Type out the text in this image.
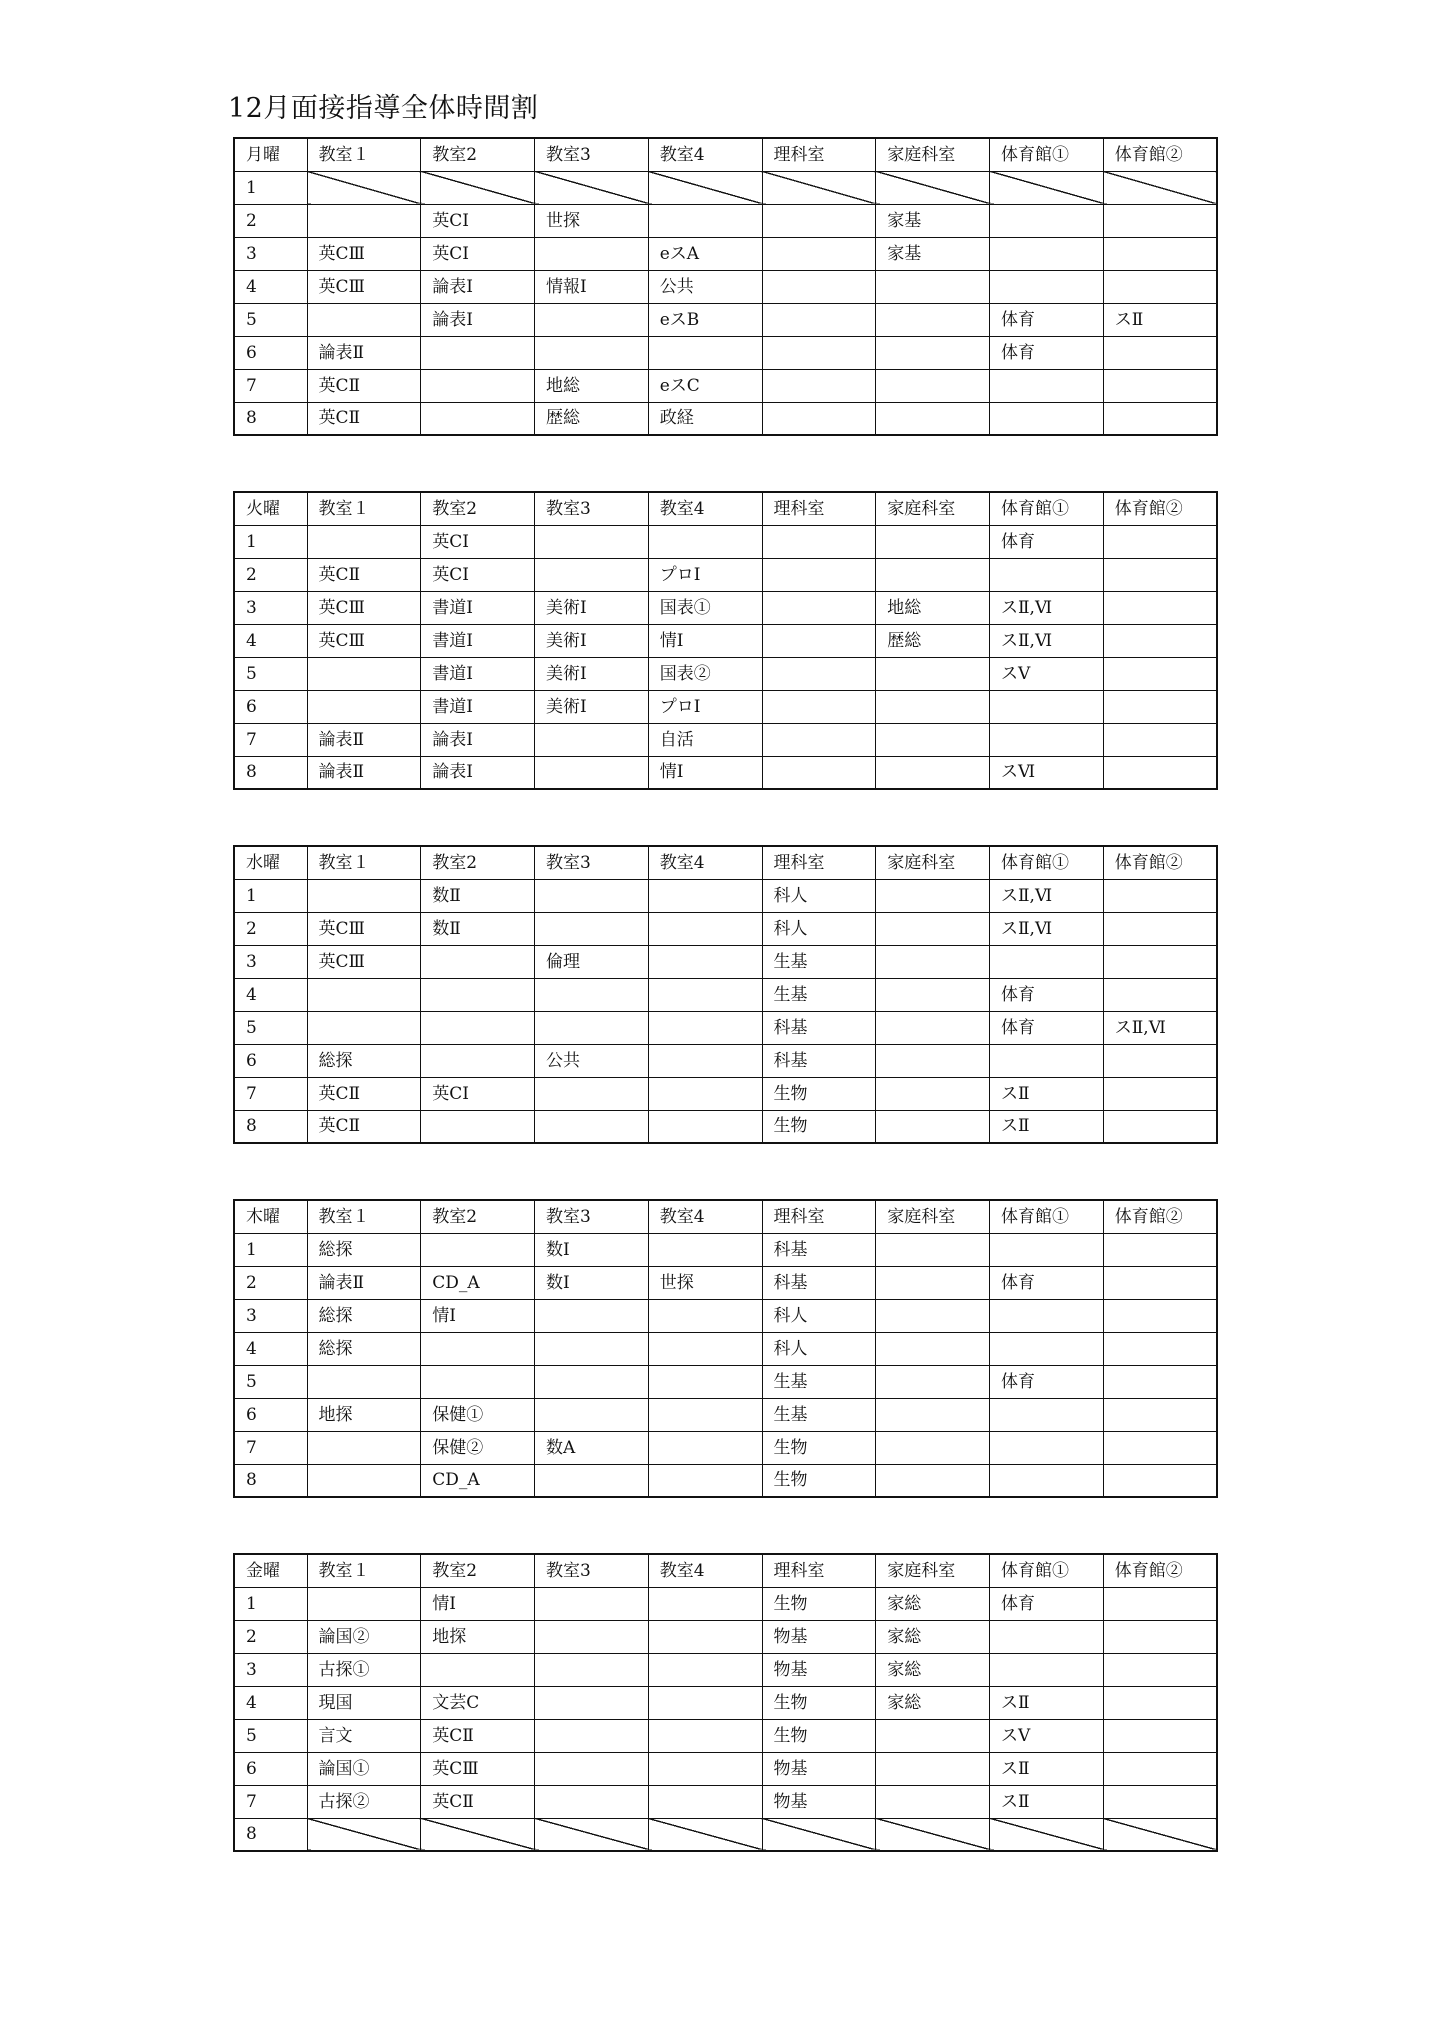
12月面接指導全体時間割
月曜	教室１	教室2	教室3	教室4	理科室	家庭科室	体育館①	体育館②
1								
2		英CⅠ	世探			家基		
3	英CⅢ	英CⅠ		eスA		家基		
4	英CⅢ	論表Ⅰ	情報Ⅰ	公共				
5		論表Ⅰ		eスB			体育	スⅡ
6	論表Ⅱ						体育	
7	英CⅡ		地総	eスC				
8	英CⅡ		歴総	政経				
火曜	教室１	教室2	教室3	教室4	理科室	家庭科室	体育館①	体育館②
1		英CⅠ					体育	
2	英CⅡ	英CⅠ		プロⅠ				
3	英CⅢ	書道Ⅰ	美術Ⅰ	国表①		地総	スⅡ,Ⅵ	
4	英CⅢ	書道Ⅰ	美術Ⅰ	情Ⅰ		歴総	スⅡ,Ⅵ	
5		書道Ⅰ	美術Ⅰ	国表②			スⅤ	
6		書道Ⅰ	美術Ⅰ	プロⅠ				
7	論表Ⅱ	論表Ⅰ		自活				
8	論表Ⅱ	論表Ⅰ		情Ⅰ			スⅥ	
水曜	教室１	教室2	教室3	教室4	理科室	家庭科室	体育館①	体育館②
1		数Ⅱ			科人		スⅡ,Ⅵ	
2	英CⅢ	数Ⅱ			科人		スⅡ,Ⅵ	
3	英CⅢ		倫理		生基			
4					生基		体育	
5					科基		体育	スⅡ,Ⅵ
6	総探		公共		科基			
7	英CⅡ	英CⅠ			生物		スⅡ	
8	英CⅡ				生物		スⅡ	
木曜	教室１	教室2	教室3	教室4	理科室	家庭科室	体育館①	体育館②
1	総探		数Ⅰ		科基			
2	論表Ⅱ	CD_A	数Ⅰ	世探	科基		体育	
3	総探	情Ⅰ			科人			
4	総探				科人			
5					生基		体育	
6	地探	保健①			生基			
7		保健②	数A		生物			
8		CD_A			生物			
金曜	教室１	教室2	教室3	教室4	理科室	家庭科室	体育館①	体育館②
1		情Ⅰ			生物	家総	体育	
2	論国②	地探			物基	家総		
3	古探①				物基	家総		
4	現国	文芸C			生物	家総	スⅡ	
5	言文	英CⅡ			生物		スⅤ	
6	論国①	英CⅢ			物基		スⅡ	
7	古探②	英CⅡ			物基		スⅡ	
8								
